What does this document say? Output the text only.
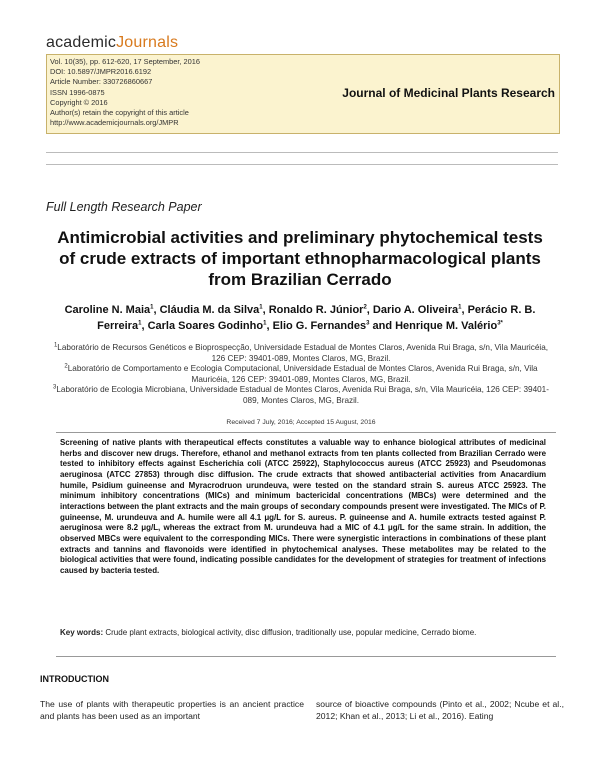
academicJournals
Vol. 10(35), pp. 612-620, 17 September, 2016
DOI: 10.5897/JMPR2016.6192
Article Number: 330726860667
ISSN 1996-0875
Copyright © 2016
Author(s) retain the copyright of this article
http://www.academicjournals.org/JMPR
Journal of Medicinal Plants Research
Full Length Research Paper
Antimicrobial activities and preliminary phytochemical tests of crude extracts of important ethnopharmacological plants from Brazilian Cerrado
Caroline N. Maia$^1$, Cláudia M. da Silva$^1$, Ronaldo R. Júnior$^2$, Dario A. Oliveira$^1$, Perácio R. B. Ferreira$^1$, Carla Soares Godinho$^1$, Elio G. Fernandes$^3$ and Henrique M. Valério$^{3*}$

$^1$Laboratório de Recursos Genéticos e Bioprospecção, Universidade Estadual de Montes Claros, Avenida Rui Braga, s/n, Vila Mauricéia, 126 CEP: 39401-089, Montes Claros, MG, Brazil.

$^2$Laboratório de Comportamento e Ecologia Computacional, Universidade Estadual de Montes Claros, Avenida Rui Braga, s/n, Vila Mauricéia, 126 CEP: 39401-089, Montes Claros, MG, Brazil.

$^3$Laboratório de Ecologia Microbiana, Universidade Estadual de Montes Claros, Avenida Rui Braga, s/n, Vila Mauricéia, 126 CEP: 39401-089, Montes Claros, MG, Brazil.

Received 7 July, 2016; Accepted 15 August, 2016
Screening of native plants with therapeutical effects constitutes a valuable way to enhance biological attributes of medicinal herbs and discover new drugs. Therefore, ethanol and methanol extracts from ten plants collected from Brazilian Cerrado were tested to inhibitory effects against Escherichia coli (ATCC 25922), Staphylococcus aureus (ATCC 25923) and Pseudomonas aeruginosa (ATCC 27853) through disc diffusion. The crude extracts that showed antibacterial activities from Anacardium humile, Psidium guineense and Myracrodruon urundeuva, were tested on the standard strain S. aureus ATCC 25923. The minimum inhibitory concentrations (MICs) and minimum bactericidal concentrations (MBCs) were determined and the interactions between the plant extracts and the main groups of secondary compounds present were investigated. The MICs of P. guineense, M. urundeuva and A. humile were all 4.1 μg/L for S. aureus. P. guineense and A. humile extracts tested against P. aeruginosa were 8.2 μg/L, whereas the extract from M. urundeuva had a MIC of 4.1 μg/L for the same strain. In addition, the observed MBCs were equivalent to the corresponding MICs. There were synergistic interactions in combinations of these plant extracts and tannins and flavonoids were identified in phytochemical analyses. These metabolites may be related to the biological activities that were found, indicating possible candidates for the development of strategies for treatment of infections caused by bacteria tested.
Key words: Crude plant extracts, biological activity, disc diffusion, traditionally use, popular medicine, Cerrado biome.
INTRODUCTION
The use of plants with therapeutic properties is an ancient practice and plants has been used as an important
source of bioactive compounds (Pinto et al., 2002; Ncube et al., 2012; Khan et al., 2013; Li et al., 2016). Eating
